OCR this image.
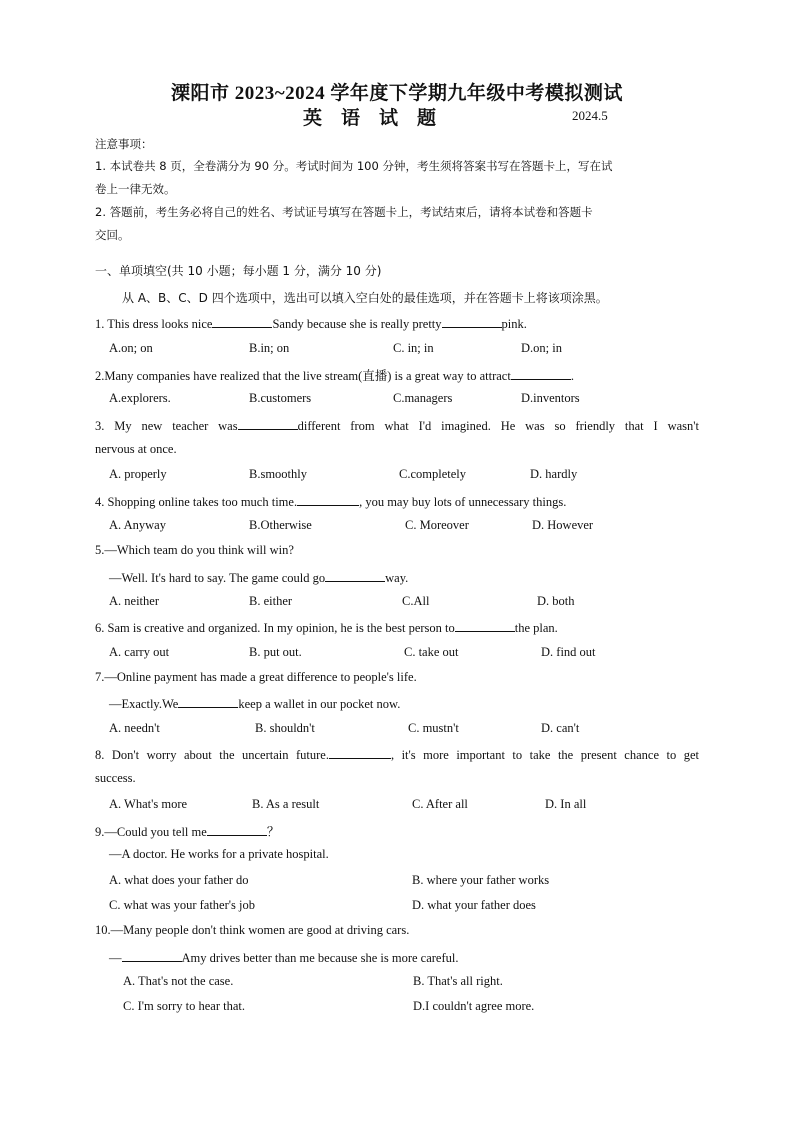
溧阳市 2023~2024 学年度下学期九年级中考模拟测试
英 语 试 题	2024.5
注意事项：
1. 本试卷共 8 页，全卷满分为 90 分。考试时间为 100 分钟，考生须将答案书写在答题卡上，写在试
卷上一律无效。
2. 答题前，考生务必将自己的姓名、考试证号填写在答题卡上，考试结束后，请将本试卷和答题卡
交回。
一、单项填空(共 10 小题；每小题 1 分，满分 10 分)
从 A、B、C、D 四个选项中，选出可以填入空白处的最佳选项，并在答题卡上将该项涂黑。
1. This dress looks nice	Sandy because she is really pretty	pink.
A.on; on	B.in; on	C. in; in	D.on; in
2.Many companies have realized that the live stream(直播) is a great way to attract	.
A.explorers.	B.customers	C.managers	D.inventors
3. My new teacher was	different from what I'd imagined. He was so friendly that I wasn't
nervous at once.
A. properly	B.smoothly	C.completely	D. hardly
4. Shopping online takes too much time.	, you may buy lots of unnecessary things.
A. Anyway	B.Otherwise	C. Moreover	D. However
5.—Which team do you think will win?
—Well. It's hard to say. The game could go	way.
A. neither	B. either	C.All	D. both
6. Sam is creative and organized. In my opinion, he is the best person to	the plan.
A. carry out	B. put out.	C. take out	D. find out
7.—Online payment has made a great difference to people's life.
—Exactly.We	keep a wallet in our pocket now.
A. needn't	B. shouldn't	C. mustn't	D. can't
8. Don't worry about the uncertain future.	, it's more important to take the present chance to get
success.
A. What's more	B. As a result	C. After all	D. In all
9.—Could you tell me	？
—A doctor. He works for a private hospital.
A. what does your father do	B. where your father works
C. what was your father's job	D. what your father does
10.—Many people don't think women are good at driving cars.
—	Amy drives better than me because she is more careful.
A. That's not the case.	B. That's all right.
C. I'm sorry to hear that.	D.I couldn't agree more.
